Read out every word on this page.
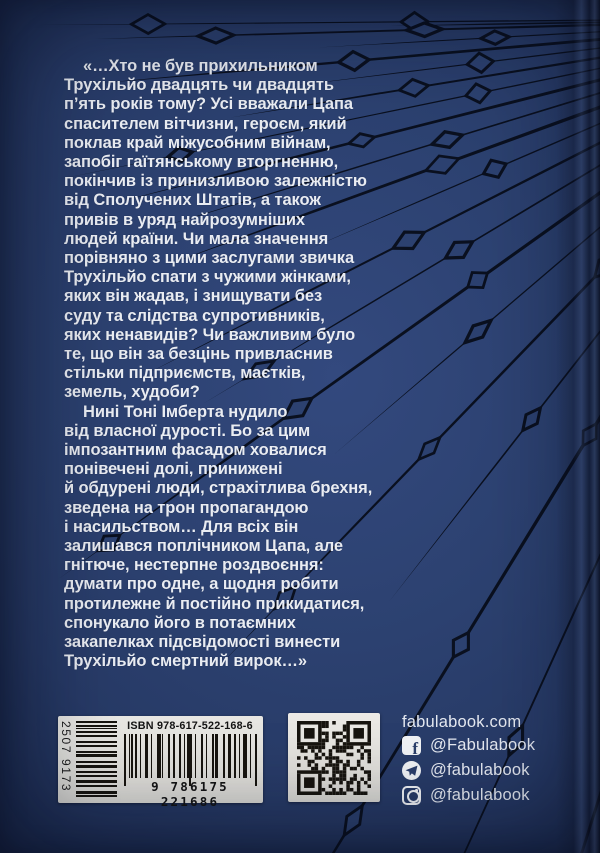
«…Хто не був прихильником
Трухільйо двадцять чи двадцять
п’ять років тому? Усі вважали Цапа
спасителем вітчизни, героєм, який
поклав край міжусобним війнам,
запобіг гаїтянському вторгненню,
покінчив із принизливою залежністю
від Сполучених Штатів, а також
привів в уряд найрозумніших
людей країни. Чи мала значення
порівняно з цими заслугами звичка
Трухільйо спати з чужими жінками,
яких він жадав, і знищувати без
суду та слідства супротивників,
яких ненавидів? Чи важливим було
те, що він за безцінь привласнив
стільки підприємств, маєтків,
земель, худоби?
Нині Тоні Імберта нудило
від власної дурості. Бо за цим
імпозантним фасадом ховалися
понівечені долі, принижені
й обдурені люди, страхітлива брехня,
зведена на трон пропагандою
і насильством… Для всіх він
залишався поплічником Цапа, але
гнітюче, нестерпне роздвоєння:
думати про одне, а щодня робити
протилежне й постійно прикидатися,
спонукало його в потаємних
закапелках підсвідомості винести
Трухільйо смертний вирок…»
2507 9173	ISBN 978-617-522-168-6
9 786175 221686
fabulabook.com
f @Fabulabook
@fabulabook
@fabulabook
